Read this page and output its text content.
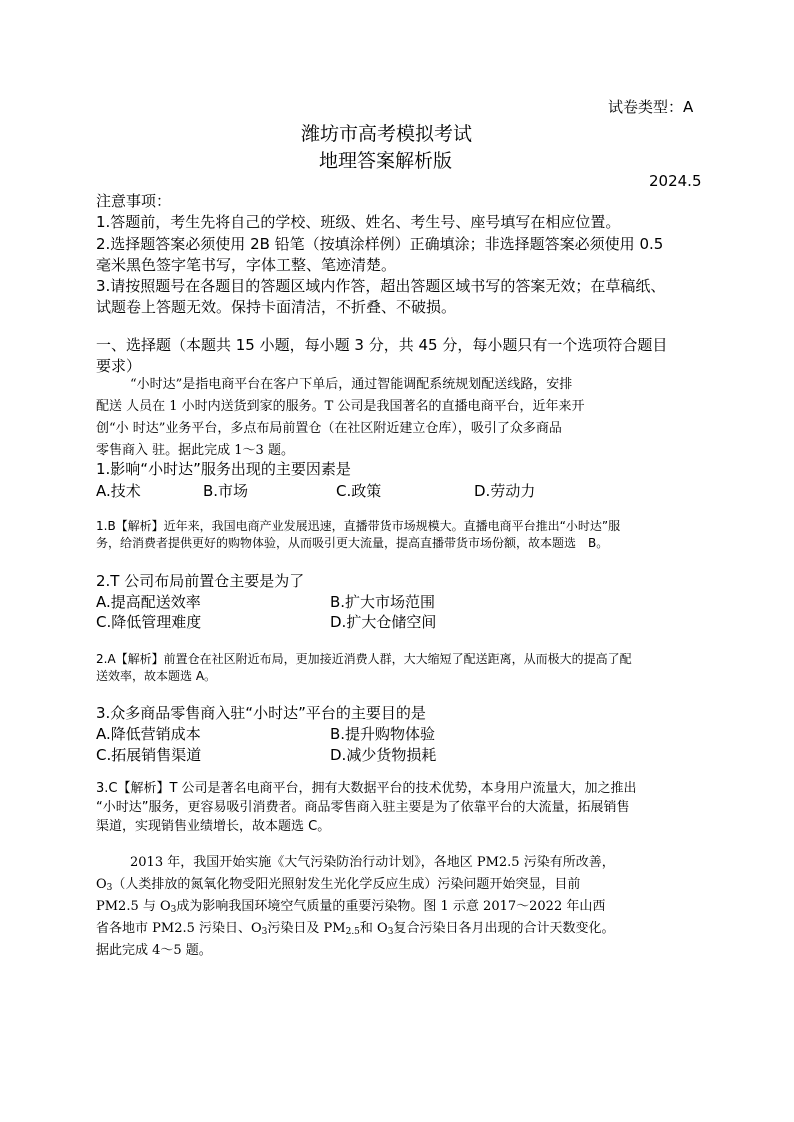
试卷类型：A
潍坊市高考模拟考试
地理答案解析版
2024.5
注意事项：
1.答题前，考生先将自己的学校、班级、姓名、考生号、座号填写在相应位置。
2.选择题答案必须使用 2B 铅笔（按填涂样例）正确填涂；非选择题答案必须使用 0.5
毫米黑色签字笔书写，字体工整、笔迹清楚。
3.请按照题号在各题目的答题区域内作答，超出答题区域书写的答案无效；在草稿纸、
试题卷上答题无效。保持卡面清洁，不折叠、不破损。
一、选择题（本题共 15 小题，每小题 3 分，共 45 分，每小题只有一个选项符合题目
要求）
“小时达”是指电商平台在客户下单后，通过智能调配系统规划配送线路，安排
配送 人员在 1 小时内送货到家的服务。T 公司是我国著名的直播电商平台，近年来开
创“小 时达”业务平台，多点布局前置仓（在社区附近建立仓库），吸引了众多商品
零售商入 驻。据此完成 1～3 题。
1.影响“小时达”服务出现的主要因素是
A.技术	B.市场	C.政策	D.劳动力
1.B【解析】近年来，我国电商产业发展迅速，直播带货市场规模大。直播电商平台推出“小时达”服
务，给消费者提供更好的购物体验，从而吸引更大流量，提高直播带货市场份额，故本题选　B。
2.T 公司布局前置仓主要是为了
A.提高配送效率	B.扩大市场范围
C.降低管理难度	D.扩大仓储空间
2.A【解析】前置仓在社区附近布局，更加接近消费人群，大大缩短了配送距离，从而极大的提高了配
送效率，故本题选 A。
3.众多商品零售商入驻“小时达”平台的主要目的是
A.降低营销成本	B.提升购物体验
C.拓展销售渠道	D.减少货物损耗
3.C【解析】T 公司是著名电商平台，拥有大数据平台的技术优势，本身用户流量大，加之推出
“小时达”服务，更容易吸引消费者。商品零售商入驻主要是为了依靠平台的大流量，拓展销售
渠道，实现销售业绩增长，故本题选 C。
2013 年，我国开始实施《大气污染防治行动计划》，各地区 PM2.5 污染有所改善，
$O_3$（人类排放的氮氧化物受阳光照射发生光化学反应生成）污染问题开始突显，目前
PM2.5 与 $O_3$成为影响我国环境空气质量的重要污染物。图 1 示意 2017～2022 年山西
省各地市 PM2.5 污染日、$O_3$污染日及 $PM_{2.5}$和 $O_3$复合污染日各月出现的合计天数变化。
据此完成 4～5 题。
